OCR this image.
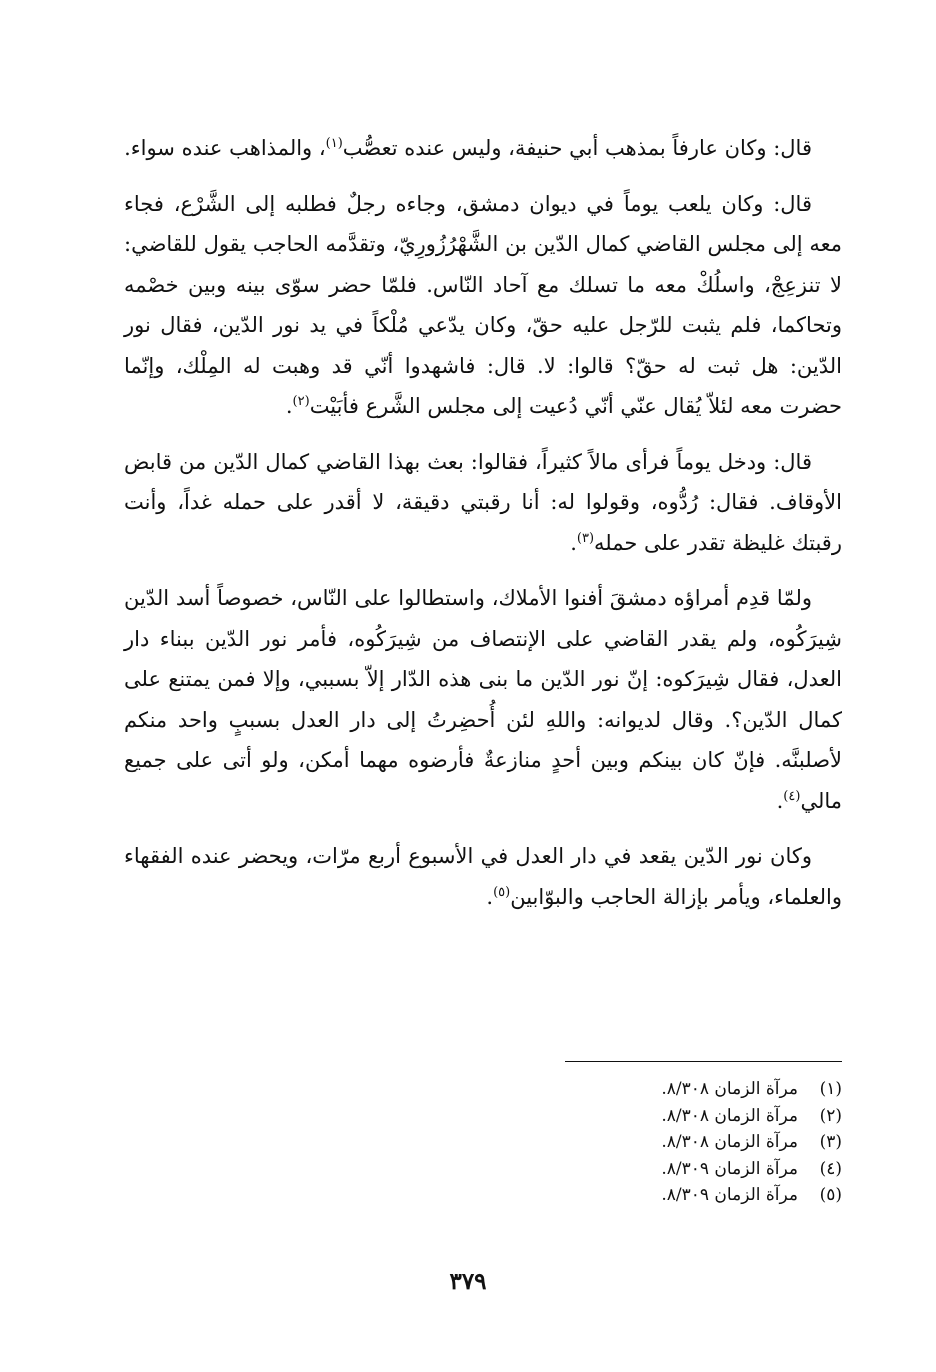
قال: وكان عارفاً بمذهب أبي حنيفة، وليس عنده تعصُّب$^{(١)}$، والمذاهب عنده سواء.

قال: وكان يلعب يوماً في ديوان دمشق، وجاءه رجلٌ فطلبه إلى الشَّرْع، فجاء معه إلى مجلس القاضي كمال الدّين بن الشَّهْرُزُورِيّ، وتقدَّمه الحاجب يقول للقاضي: لا تنزعِجْ، واسلُكْ معه ما تسلك مع آحاد النّاس. فلمّا حضر سوّى بينه وبين خصْمه وتحاكما، فلم يثبت للرّجل عليه حقّ، وكان يدّعي مُلْكاً في يد نور الدّين، فقال نور الدّين: هل ثبت له حقّ؟ قالوا: لا. قال: فاشهدوا أنّي قد وهبت له المِلْك، وإنّما حضرت معه لئلاّ يُقال عنّي أنّي دُعيت إلى مجلس الشَّرع فأبَيْت$^{(٢)}$.

قال: ودخل يوماً فرأى مالاً كثيراً، فقالوا: بعث بهذا القاضي كمال الدّين من قابض الأوقاف. فقال: رُدُّوه، وقولوا له: أنا رقبتي دقيقة، لا أقدر على حمله غداً، وأنت رقبتك غليظة تقدر على حمله$^{(٣)}$.

ولمّا قدِم أمراؤه دمشقَ أفنوا الأملاك، واستطالوا على النّاس، خصوصاً أسد الدّين شِيرَكُوه، ولم يقدر القاضي على الإنتصاف من شِيرَكُوه، فأمر نور الدّين ببناء دار العدل، فقال شِيرَكوه: إنّ نور الدّين ما بنى هذه الدّار إلاّ بسببي، وإلا فمن يمتنع على كمال الدّين؟. وقال لديوانه: واللهِ لئن أُحضِرتُ إلى دار العدل بسببٍ واحد منكم لأصلبنَّه. فإنّ كان بينكم وبين أحدٍ منازعةٌ فأرضوه مهما أمكن، ولو أتى على جميع مالي$^{(٤)}$.

وكان نور الدّين يقعد في دار العدل في الأسبوع أربع مرّات، ويحضر عنده الفقهاء والعلماء، ويأمر بإزالة الحاجب والبوّابين$^{(٥)}$.

(١)
مرآة الزمان ٨/٣٠٨.
(٢)
مرآة الزمان ٨/٣٠٨.
(٣)
مرآة الزمان ٨/٣٠٨.
(٤)
مرآة الزمان ٨/٣٠٩.
(٥)
مرآة الزمان ٨/٣٠٩.
٣٧٩
